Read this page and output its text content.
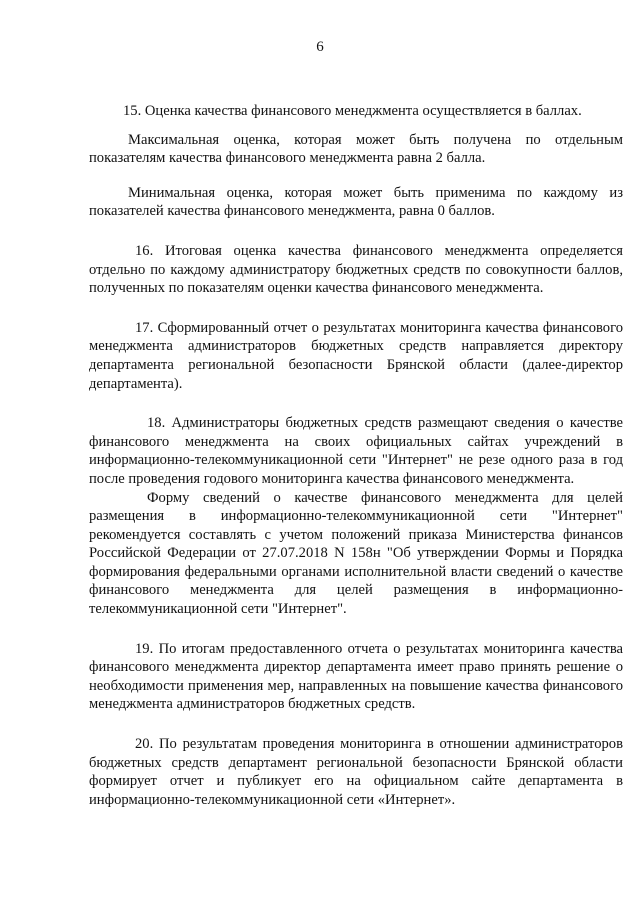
6

15. Оценка качества финансового менеджмента осуществляется в баллах.

Максимальная оценка, которая может быть получена по отдельным показателям качества финансового менеджмента равна 2 балла.

Минимальная оценка, которая может быть применима по каждому из показателей качества финансового менеджмента, равна 0 баллов.

16. Итоговая оценка качества финансового менеджмента определяется отдельно по каждому администратору бюджетных средств по совокупности баллов, полученных по показателям оценки качества финансового менеджмента.

17. Сформированный отчет о результатах мониторинга качества финансового менеджмента администраторов бюджетных средств направляется директору департамента региональной безопасности Брянской области (далее-директор департамента).

18. Администраторы бюджетных средств размещают сведения о качестве финансового менеджмента на своих официальных сайтах учреждений в информационно-телекоммуникационной сети "Интернет" не резе одного раза в год после проведения годового мониторинга качества финансового менеджмента.

Форму сведений о качестве финансового менеджмента для целей размещения в информационно-телекоммуникационной сети "Интернет" рекомендуется составлять с учетом положений приказа Министерства финансов Российской Федерации от 27.07.2018 N 158н "Об утверждении Формы и Порядка формирования федеральными органами исполнительной власти сведений о качестве финансового менеджмента для целей размещения в информационно-телекоммуникационной сети "Интернет".

19. По итогам предоставленного отчета о результатах мониторинга качества финансового менеджмента директор департамента имеет право принять решение о необходимости применения мер, направленных на повышение качества финансового менеджмента администраторов бюджетных средств.

20. По результатам проведения мониторинга в отношении администраторов бюджетных средств департамент региональной безопасности Брянской области формирует отчет и публикует его на официальном сайте департамента в информационно-телекоммуникационной сети «Интернет».
